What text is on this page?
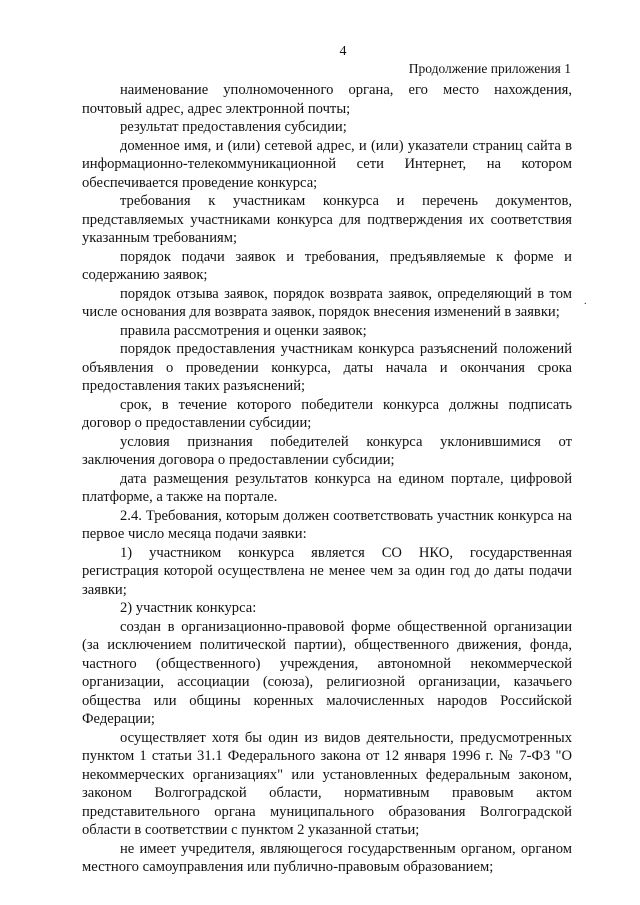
4
Продолжение приложения 1

наименование уполномоченного органа, его место нахождения, почтовый адрес, адрес электронной почты;

результат предоставления субсидии;

доменное имя, и (или) сетевой адрес, и (или) указатели страниц сайта в информационно-телекоммуникационной сети Интернет, на котором обеспечивается проведение конкурса;

требования к участникам конкурса и перечень документов, представляемых участниками конкурса для подтверждения их соответствия указанным требованиям;

порядок подачи заявок и требования, предъявляемые к форме и содержанию заявок;

порядок отзыва заявок, порядок возврата заявок, определяющий в том числе основания для возврата заявок, порядок внесения изменений в заявки;

правила рассмотрения и оценки заявок;

порядок предоставления участникам конкурса разъяснений положений объявления о проведении конкурса, даты начала и окончания срока предоставления таких разъяснений;

срок, в течение которого победители конкурса должны подписать договор о предоставлении субсидии;

условия признания победителей конкурса уклонившимися от заключения договора о предоставлении субсидии;

дата размещения результатов конкурса на едином портале, цифровой платформе, а также на портале.

2.4. Требования, которым должен соответствовать участник конкурса на первое число месяца подачи заявки:

1) участником конкурса является СО НКО, государственная регистрация которой осуществлена не менее чем за один год до даты подачи заявки;

2) участник конкурса:

создан в организационно-правовой форме общественной организации (за исключением политической партии), общественного движения, фонда, частного (общественного) учреждения, автономной некоммерческой организации, ассоциации (союза), религиозной организации, казачьего общества или общины коренных малочисленных народов Российской Федерации;

осуществляет хотя бы один из видов деятельности, предусмотренных пунктом 1 статьи 31.1 Федерального закона от 12 января 1996 г. № 7-ФЗ "О некоммерческих организациях" или установленных федеральным законом, законом Волгоградской области, нормативным правовым актом представительного органа муниципального образования Волгоградской области в соответствии с пунктом 2 указанной статьи;

не имеет учредителя, являющегося государственным органом, органом местного самоуправления или публично-правовым образованием;

.
